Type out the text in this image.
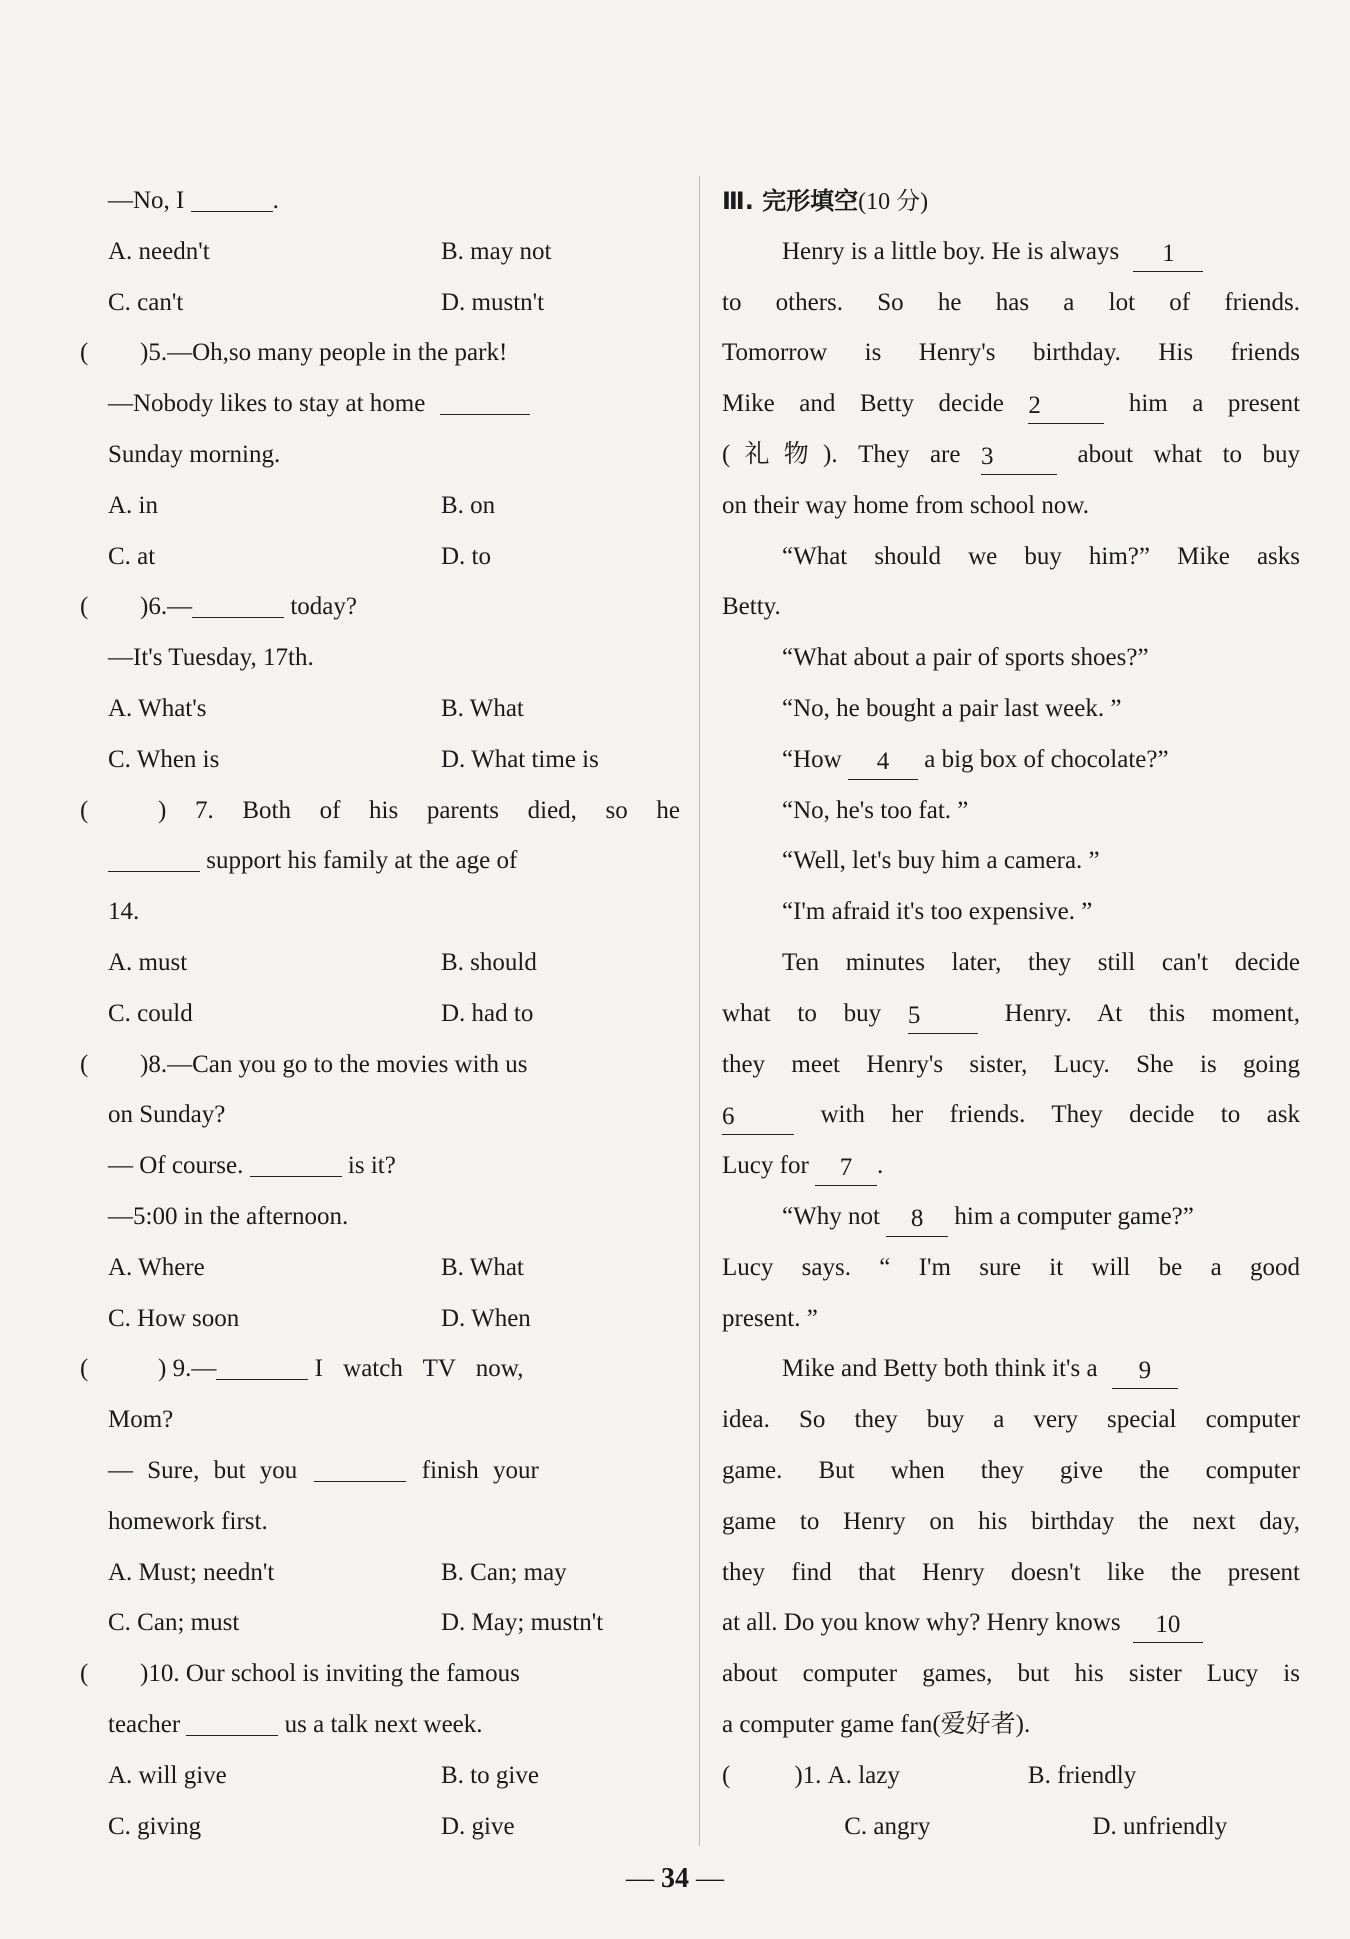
—No, I	.
A. needn't	B. may not
C. can't	D. mustn't
( )5.—Oh,so many people in the park!
—Nobody likes to stay at home
Sunday morning.
A. in	B. on
C. at	D. to
( )6.—	today?
—It's Tuesday, 17th.
A. What's	B. What
C. When is	D. What time is
(	) 7. Both of his parents died, so he
support his family at the age of
14.
A. must	B. should
C. could	D. had to
( )8.—Can you go to the movies with us
on Sunday?
— Of course.	is it?
—5:00 in the afternoon.
A. Where	B. What
C. How soon	D. When
(	) 9.—	I watch TV now,
Mom?
— Sure, but you	finish your
homework first.
A. Must; needn't	B. Can; may
C. Can; must	D. May; mustn't
( )10. Our school is inviting the famous
teacher	us a talk next week.
A. will give	B. to give
C. giving	D. give
Ⅲ. 完形填空(10 分)
Henry is a little boy. He is always 1
to others. So he has a lot of friends.
Tomorrow is Henry's birthday. His friends
Mike and Betty decide 2	him a present
(礼物). They are 3	about what to buy
on their way home from school now.
“What should we buy him?” Mike asks
Betty.
“What about a pair of sports shoes?”
“No, he bought a pair last week. ”
“How 4 a big box of chocolate?”
“No, he's too fat. ”
“Well, let's buy him a camera. ”
“I'm afraid it's too expensive. ”
Ten minutes later, they still can't decide
what to buy 5	Henry. At this moment,
they meet Henry's sister, Lucy. She is going
6	with her friends. They decide to ask
Lucy for 7 .
“Why not 8 him a computer game?”
Lucy says. “ I'm sure it will be a good
present. ”
Mike and Betty both think it's a 9
idea. So they buy a very special computer
game. But when they give the computer
game to Henry on his birthday the next day,
they find that Henry doesn't like the present
at all. Do you know why? Henry knows 10
about computer games, but his sister Lucy is
a computer game fan(爱好者).
(	)1. A. lazy	B. friendly
C. angry	D. unfriendly
— 34 —
